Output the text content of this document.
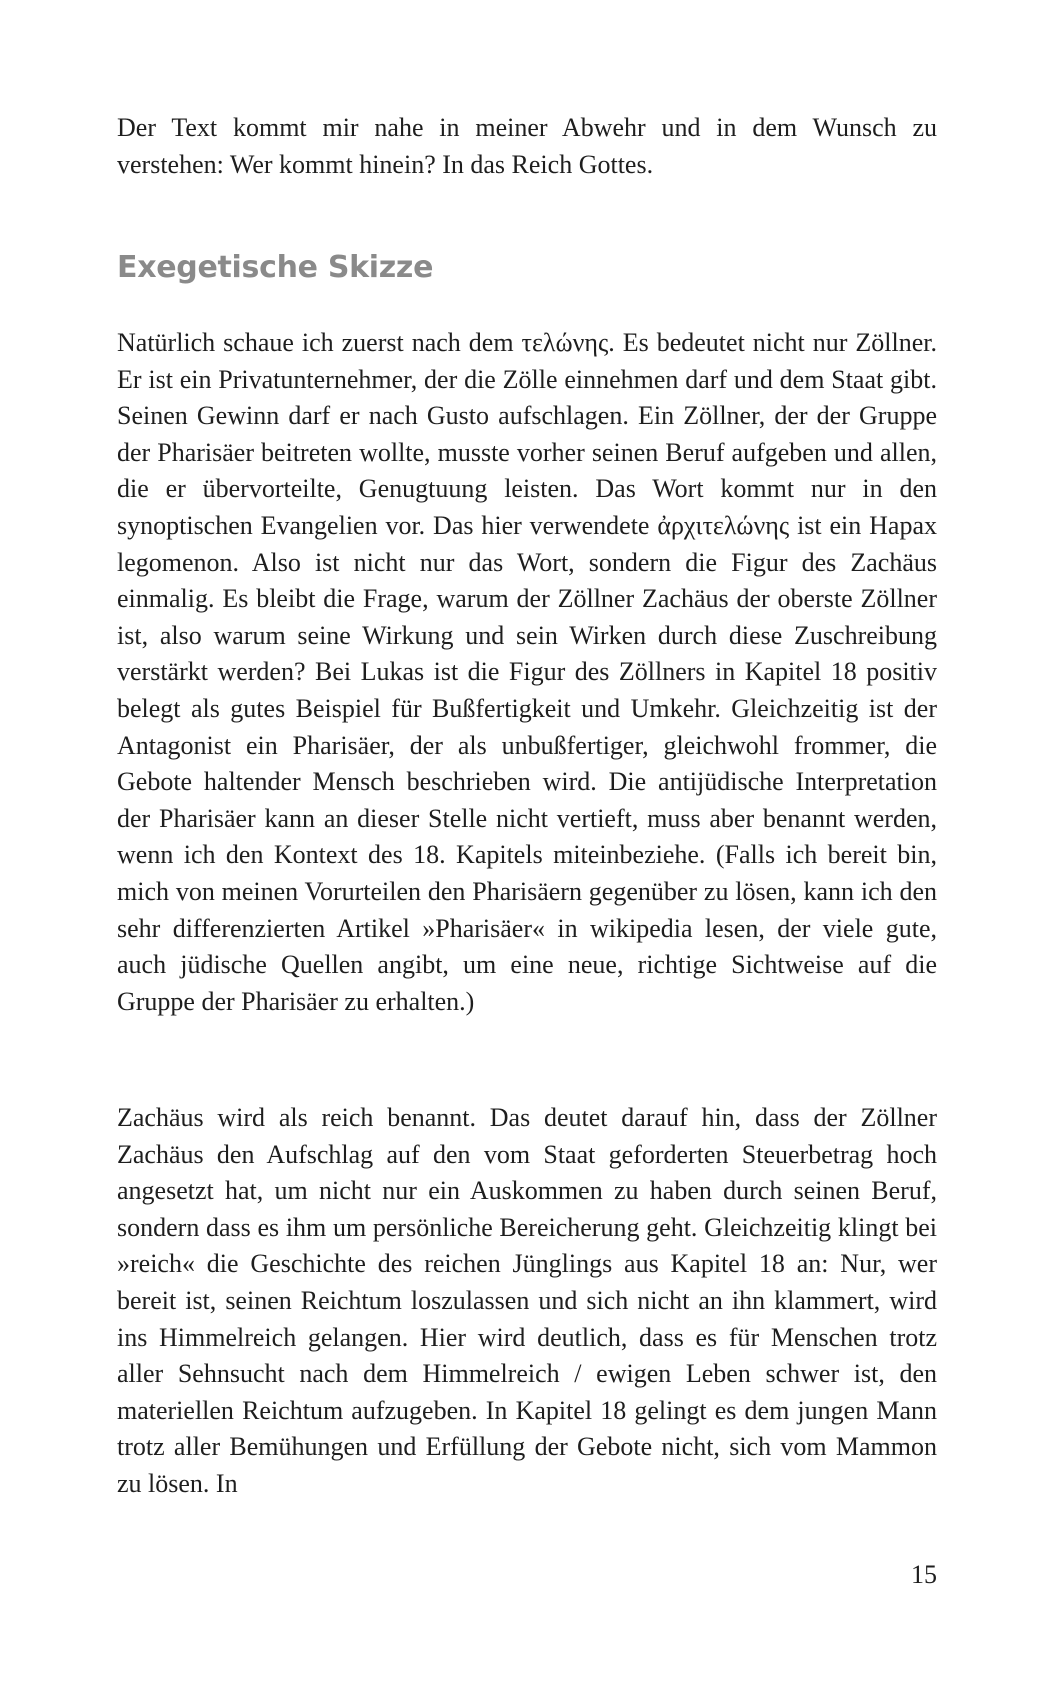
Der Text kommt mir nahe in meiner Abwehr und in dem Wunsch zu verstehen: Wer kommt hinein? In das Reich Gottes.

Exegetische Skizze

Natürlich schaue ich zuerst nach dem τελώνης. Es bedeutet nicht nur Zöllner. Er ist ein Privatunternehmer, der die Zölle einnehmen darf und dem Staat gibt. Seinen Gewinn darf er nach Gusto aufschlagen. Ein Zöllner, der der Gruppe der Pharisäer beitreten wollte, musste vorher seinen Beruf aufgeben und allen, die er übervorteilte, Genugtuung leisten. Das Wort kommt nur in den synoptischen Evangelien vor. Das hier verwendete ἀρχιτελώνης ist ein Hapax legomenon. Also ist nicht nur das Wort, sondern die Figur des Zachäus einmalig. Es bleibt die Frage, warum der Zöllner Zachäus der oberste Zöllner ist, also warum seine Wirkung und sein Wirken durch diese Zuschreibung verstärkt werden? Bei Lukas ist die Figur des Zöllners in Kapitel 18 positiv belegt als gutes Beispiel für Bußfertigkeit und Umkehr. Gleichzeitig ist der Antagonist ein Pharisäer, der als unbußfertiger, gleichwohl frommer, die Gebote haltender Mensch beschrieben wird. Die antijüdische Interpretation der Pharisäer kann an dieser Stelle nicht vertieft, muss aber benannt werden, wenn ich den Kontext des 18. Kapitels miteinbeziehe. (Falls ich bereit bin, mich von meinen Vorurteilen den Pharisäern gegenüber zu lösen, kann ich den sehr differenzierten Artikel »Pharisäer« in wikipedia lesen, der viele gute, auch jüdische Quellen angibt, um eine neue, richtige Sichtweise auf die Gruppe der Pharisäer zu erhalten.)

Zachäus wird als reich benannt. Das deutet darauf hin, dass der Zöllner Zachäus den Aufschlag auf den vom Staat geforderten Steuerbetrag hoch angesetzt hat, um nicht nur ein Auskommen zu haben durch seinen Beruf, sondern dass es ihm um persönliche Bereicherung geht. Gleichzeitig klingt bei »reich« die Geschichte des reichen Jünglings aus Kapitel 18 an: Nur, wer bereit ist, seinen Reichtum loszulassen und sich nicht an ihn klammert, wird ins Himmelreich gelangen. Hier wird deutlich, dass es für Menschen trotz aller Sehnsucht nach dem Himmelreich / ewigen Leben schwer ist, den materiellen Reichtum aufzugeben. In Kapitel 18 gelingt es dem jungen Mann trotz aller Bemühungen und Erfüllung der Gebote nicht, sich vom Mammon zu lösen. In

15
